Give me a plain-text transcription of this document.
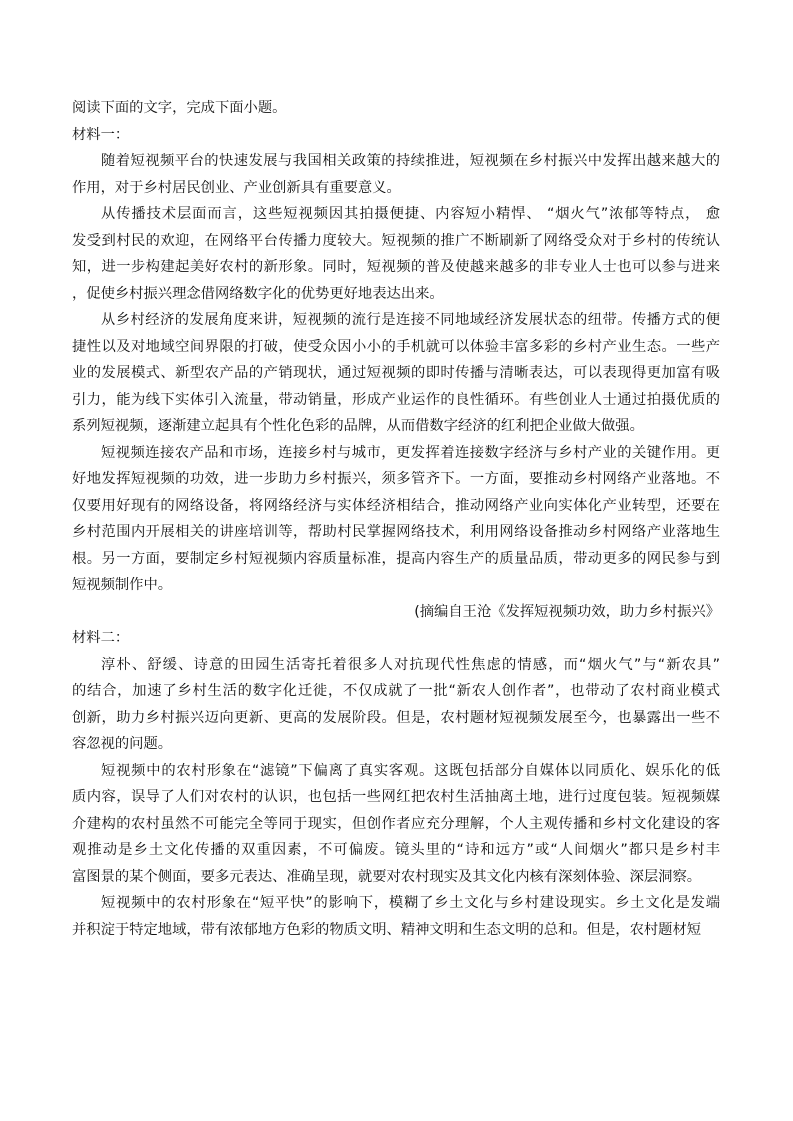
阅读下面的文字，完成下面小题。
材料一：
随着短视频平台的快速发展与我国相关政策的持续推进，短视频在乡村振兴中发挥出越来越大的
作用，对于乡村居民创业、产业创新具有重要意义。
从传播技术层面而言，这些短视频因其拍摄便捷、内容短小精悍、 “烟火气”浓郁等特点， 愈
发受到村民的欢迎，在网络平台传播力度较大。短视频的推广不断刷新了网络受众对于乡村的传统认
知，进一步构建起美好农村的新形象。同时，短视频的普及使越来越多的非专业人士也可以参与进来
，促使乡村振兴理念借网络数字化的优势更好地表达出来。
从乡村经济的发展角度来讲，短视频的流行是连接不同地域经济发展状态的纽带。传播方式的便
捷性以及对地域空间界限的打破，使受众因小小的手机就可以体验丰富多彩的乡村产业生态。一些产
业的发展模式、新型农产品的产销现状，通过短视频的即时传播与清晰表达，可以表现得更加富有吸
引力，能为线下实体引入流量，带动销量，形成产业运作的良性循环。有些创业人士通过拍摄优质的
系列短视频，逐渐建立起具有个性化色彩的品牌，从而借数字经济的红利把企业做大做强。
短视频连接农产品和市场，连接乡村与城市，更发挥着连接数字经济与乡村产业的关键作用。更
好地发挥短视频的功效，进一步助力乡村振兴，须多管齐下。一方面，要推动乡村网络产业落地。不
仅要用好现有的网络设备，将网络经济与实体经济相结合，推动网络产业向实体化产业转型，还要在
乡村范围内开展相关的讲座培训等，帮助村民掌握网络技术，利用网络设备推动乡村网络产业落地生
根。另一方面，要制定乡村短视频内容质量标准，提高内容生产的质量品质，带动更多的网民参与到
短视频制作中。
(摘编自王沧《发挥短视频功效，助力乡村振兴》
材料二：
淳朴、舒缓、诗意的田园生活寄托着很多人对抗现代性焦虑的情感，而“烟火气”与“新农具”
的结合，加速了乡村生活的数字化迁徙，不仅成就了一批“新农人创作者”，也带动了农村商业模式
创新，助力乡村振兴迈向更新、更高的发展阶段。但是，农村题材短视频发展至今，也暴露出一些不
容忽视的问题。
短视频中的农村形象在“滤镜”下偏离了真实客观。这既包括部分自媒体以同质化、娱乐化的低
质内容，误导了人们对农村的认识，也包括一些网红把农村生活抽离土地，进行过度包装。短视频媒
介建构的农村虽然不可能完全等同于现实，但创作者应充分理解，个人主观传播和乡村文化建设的客
观推动是乡土文化传播的双重因素，不可偏废。镜头里的“诗和远方”或“人间烟火”都只是乡村丰
富图景的某个侧面，要多元表达、准确呈现，就要对农村现实及其文化内核有深刻体验、深层洞察。
短视频中的农村形象在“短平快”的影响下，模糊了乡土文化与乡村建设现实。乡土文化是发端
并积淀于特定地域，带有浓郁地方色彩的物质文明、精神文明和生态文明的总和。但是，农村题材短
